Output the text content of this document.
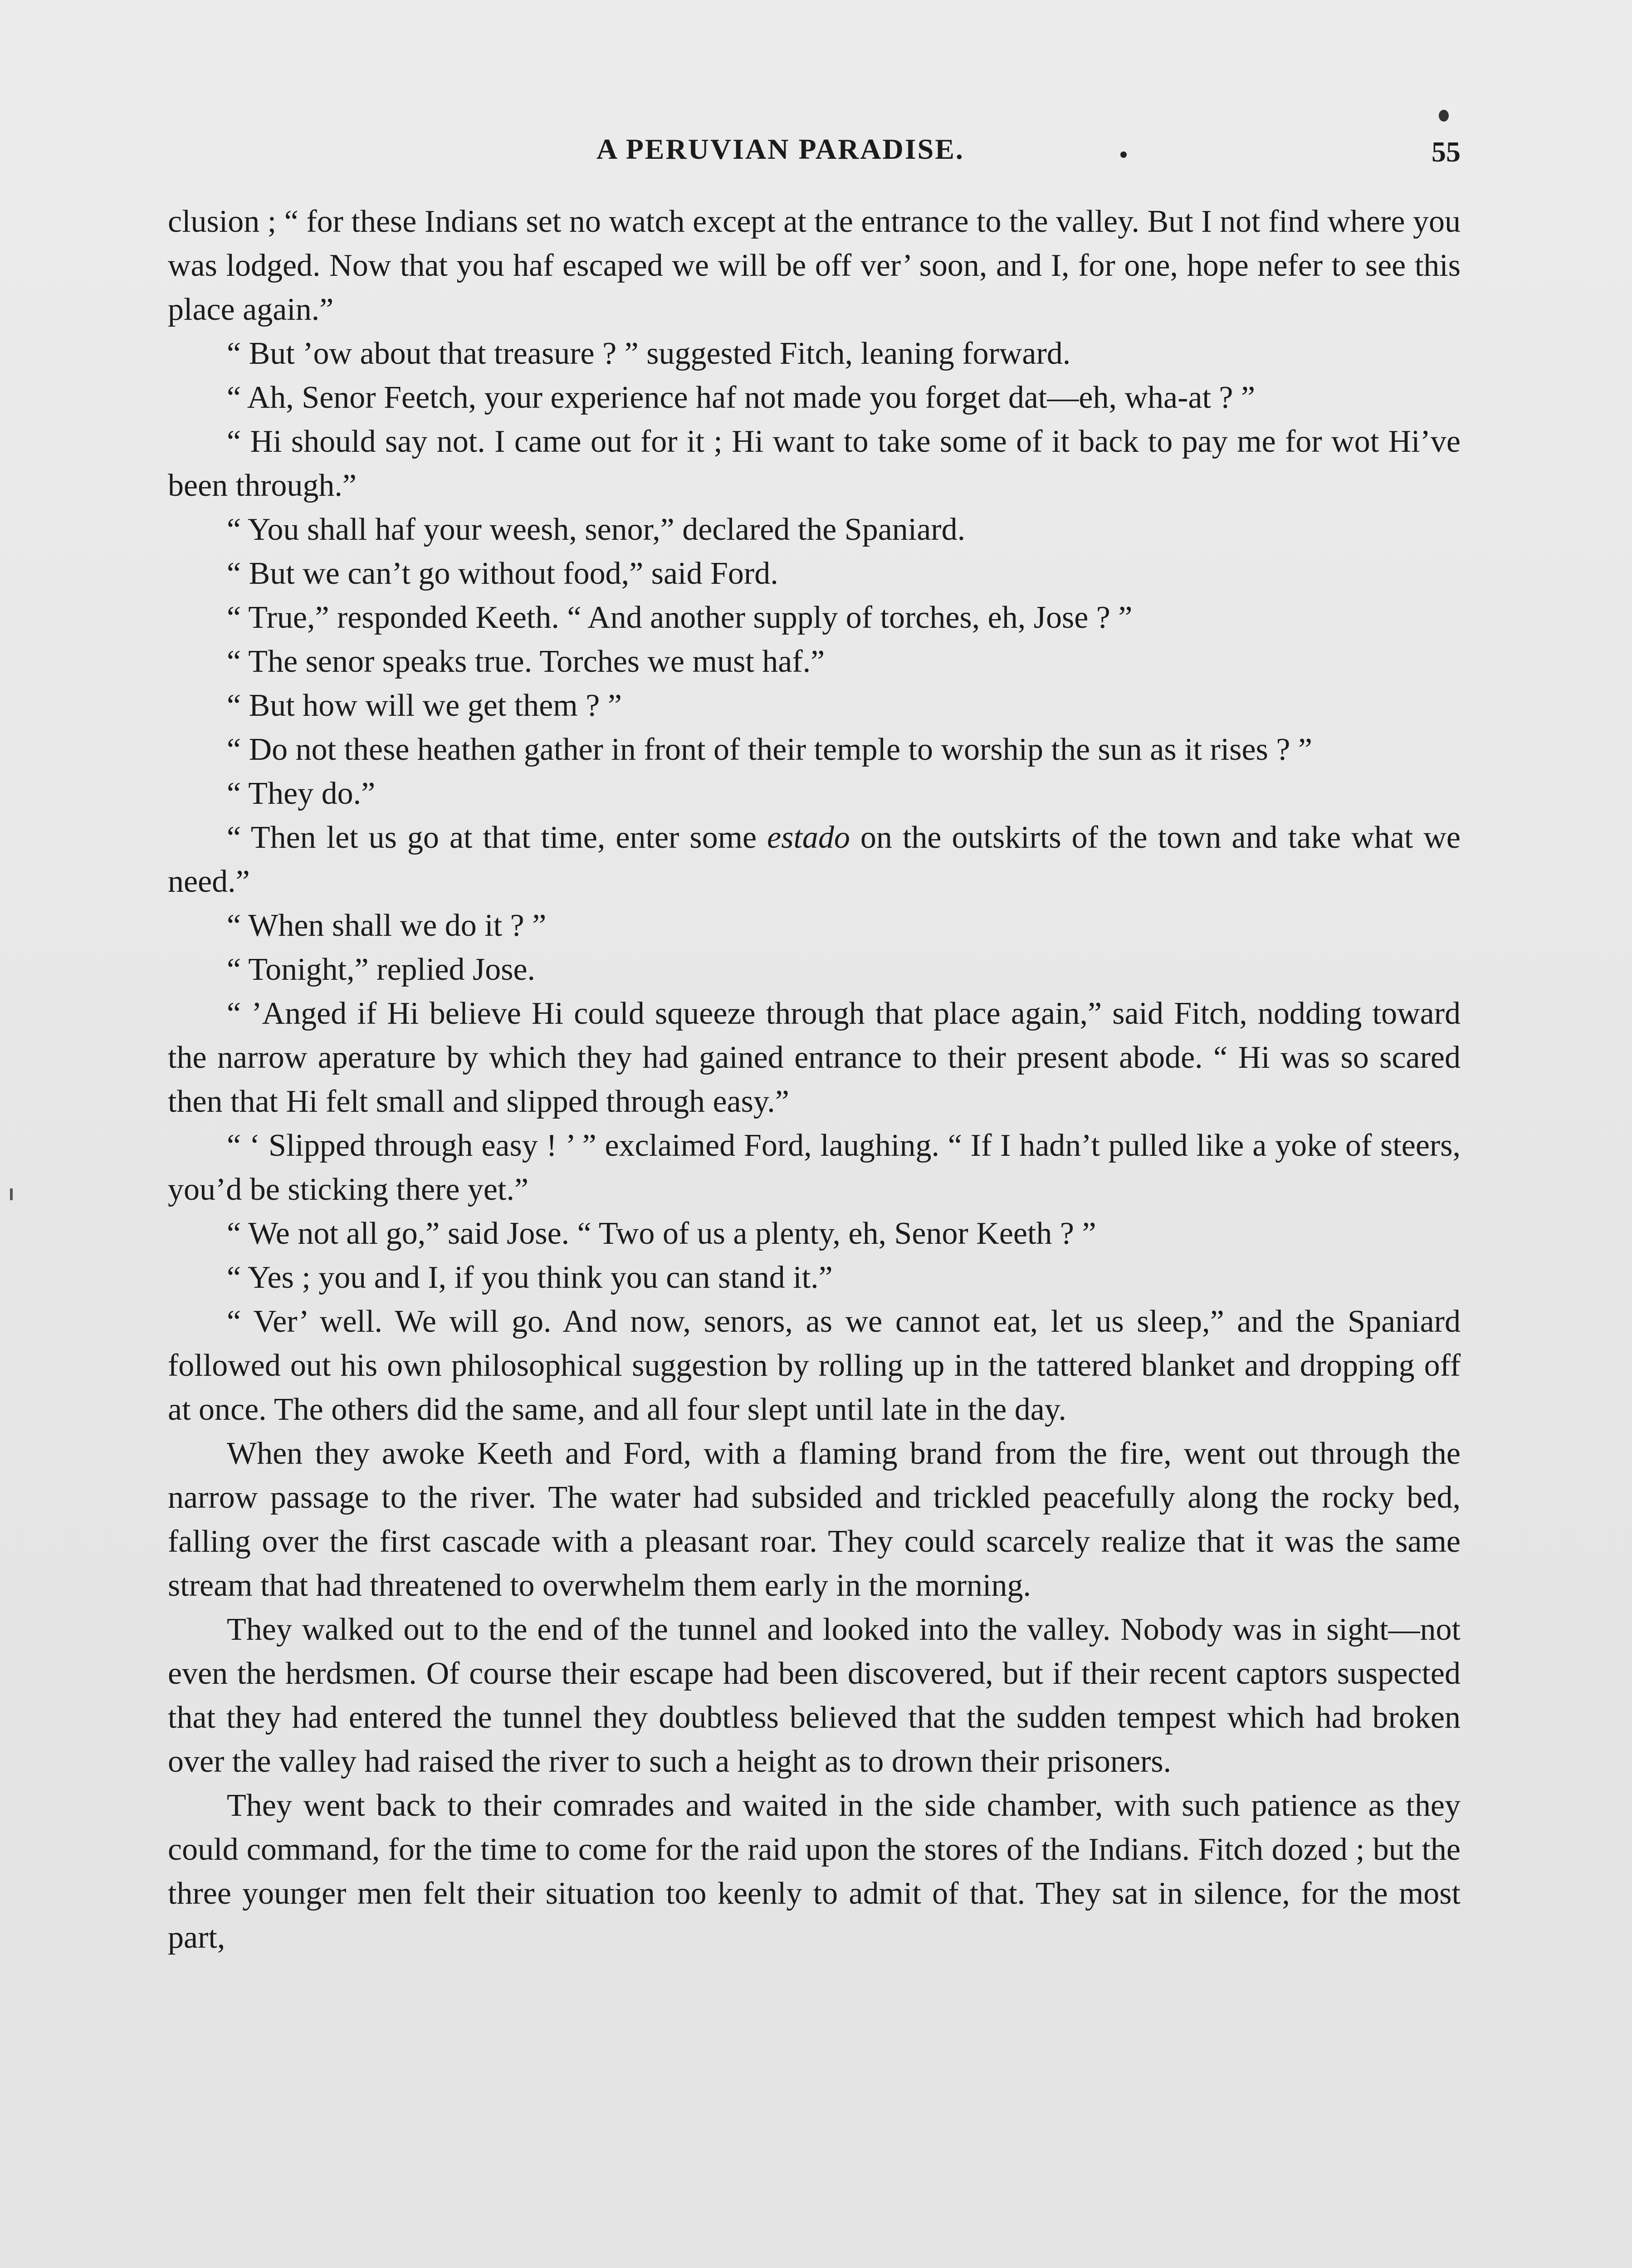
A PERUVIAN PARADISE.	55

clusion ; “ for these Indians set no watch except at the entrance to the valley. But I not find where you was lodged. Now that you haf escaped we will be off ver’ soon, and I, for one, hope nefer to see this place again.”

“ But ’ow about that treasure ? ” suggested Fitch, leaning forward.

“ Ah, Senor Feetch, your experience haf not made you forget dat—eh, wha-at ? ”

“ Hi should say not. I came out for it ; Hi want to take some of it back to pay me for wot Hi’ve been through.”

“ You shall haf your weesh, senor,” declared the Spaniard.

“ But we can’t go without food,” said Ford.

“ True,” responded Keeth. “ And another supply of torches, eh, Jose ? ”

“ The senor speaks true. Torches we must haf.”

“ But how will we get them ? ”

“ Do not these heathen gather in front of their temple to worship the sun as it rises ? ”

“ They do.”

“ Then let us go at that time, enter some estado on the outskirts of the town and take what we need.”

“ When shall we do it ? ”

“ Tonight,” replied Jose.

“ ’Anged if Hi believe Hi could squeeze through that place again,” said Fitch, nodding toward the narrow aperature by which they had gained entrance to their present abode. “ Hi was so scared then that Hi felt small and slipped through easy.”

“ ‘ Slipped through easy ! ’ ” exclaimed Ford, laughing. “ If I hadn’t pulled like a yoke of steers, you’d be sticking there yet.”

“ We not all go,” said Jose. “ Two of us a plenty, eh, Senor Keeth ? ”

“ Yes ; you and I, if you think you can stand it.”

“ Ver’ well. We will go. And now, senors, as we cannot eat, let us sleep,” and the Spaniard followed out his own philosophical suggestion by rolling up in the tattered blanket and dropping off at once. The others did the same, and all four slept until late in the day.

When they awoke Keeth and Ford, with a flaming brand from the fire, went out through the narrow passage to the river. The water had subsided and trickled peacefully along the rocky bed, falling over the first cascade with a pleasant roar. They could scarcely realize that it was the same stream that had threatened to overwhelm them early in the morning.

They walked out to the end of the tunnel and looked into the valley. Nobody was in sight—not even the herdsmen. Of course their escape had been discovered, but if their recent captors suspected that they had entered the tunnel they doubtless believed that the sudden tempest which had broken over the valley had raised the river to such a height as to drown their prisoners.

They went back to their comrades and waited in the side chamber, with such patience as they could command, for the time to come for the raid upon the stores of the Indians. Fitch dozed ; but the three younger men felt their situation too keenly to admit of that. They sat in silence, for the most part,
